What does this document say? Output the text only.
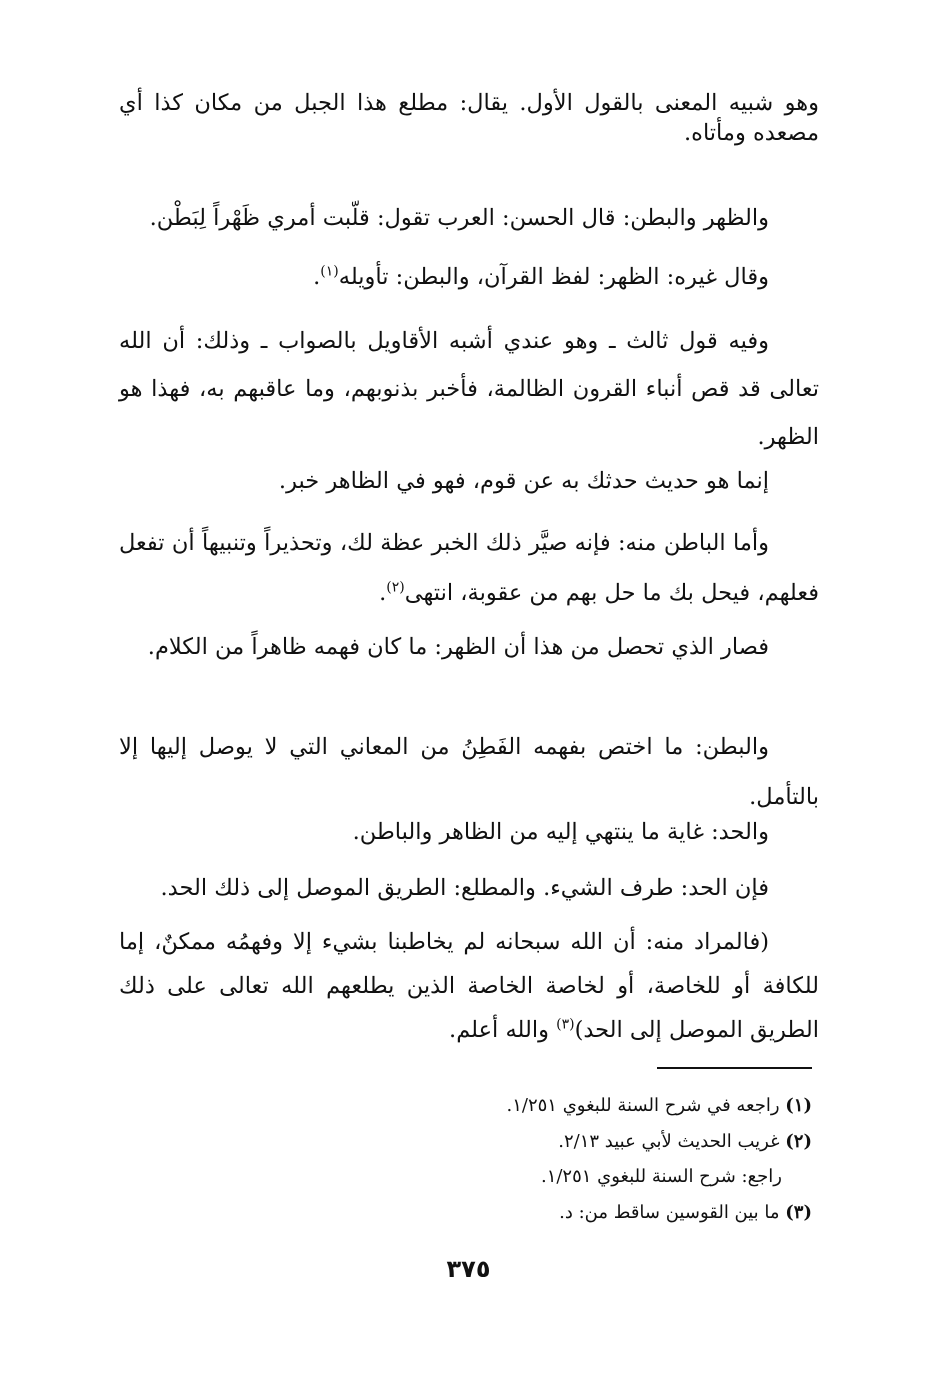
وهو شبيه المعنى بالقول الأول. يقال: مطلع هذا الجبل من مكان كذا أي مصعده ومأتاه.

والظهر والبطن: قال الحسن: العرب تقول: قلّبت أمري ظَهْراً لِبَطْن.

وقال غيره: الظهر: لفظ القرآن، والبطن: تأويله$^{(١)}$.

وفيه قول ثالث ـ وهو عندي أشبه الأقاويل بالصواب ـ وذلك: أن الله تعالى قد قص أنباء القرون الظالمة، فأخبر بذنوبهم، وما عاقبهم به، فهذا هو الظهر.

إنما هو حديث حدثك به عن قوم، فهو في الظاهر خبر.

وأما الباطن منه: فإنه صيَّر ذلك الخبر عظة لك، وتحذيراً وتنبيهاً أن تفعل فعلهم، فيحل بك ما حل بهم من عقوبة، انتهى$^{(٢)}$.

فصار الذي تحصل من هذا أن الظهر: ما كان فهمه ظاهراً من الكلام.

والبطن: ما اختص بفهمه الفَطِنُ من المعاني التي لا يوصل إليها إلا بالتأمل.

والحد: غاية ما ينتهي إليه من الظاهر والباطن.

فإن الحد: طرف الشيء. والمطلع: الطريق الموصل إلى ذلك الحد.

(فالمراد منه: أن الله سبحانه لم يخاطبنا بشيء إلا وفهمُه ممكنٌ، إما للكافة أو للخاصة، أو لخاصة الخاصة الذين يطلعهم الله تعالى على ذلك الطريق الموصل إلى الحد)$^{(٣)}$ والله أعلم.

(١) راجعه في شرح السنة للبغوي ١/٢٥١.
(٢) غريب الحديث لأبي عبيد ٢/١٣.
راجع: شرح السنة للبغوي ١/٢٥١.
(٣) ما بين القوسين ساقط من: د.
٣٧٥
